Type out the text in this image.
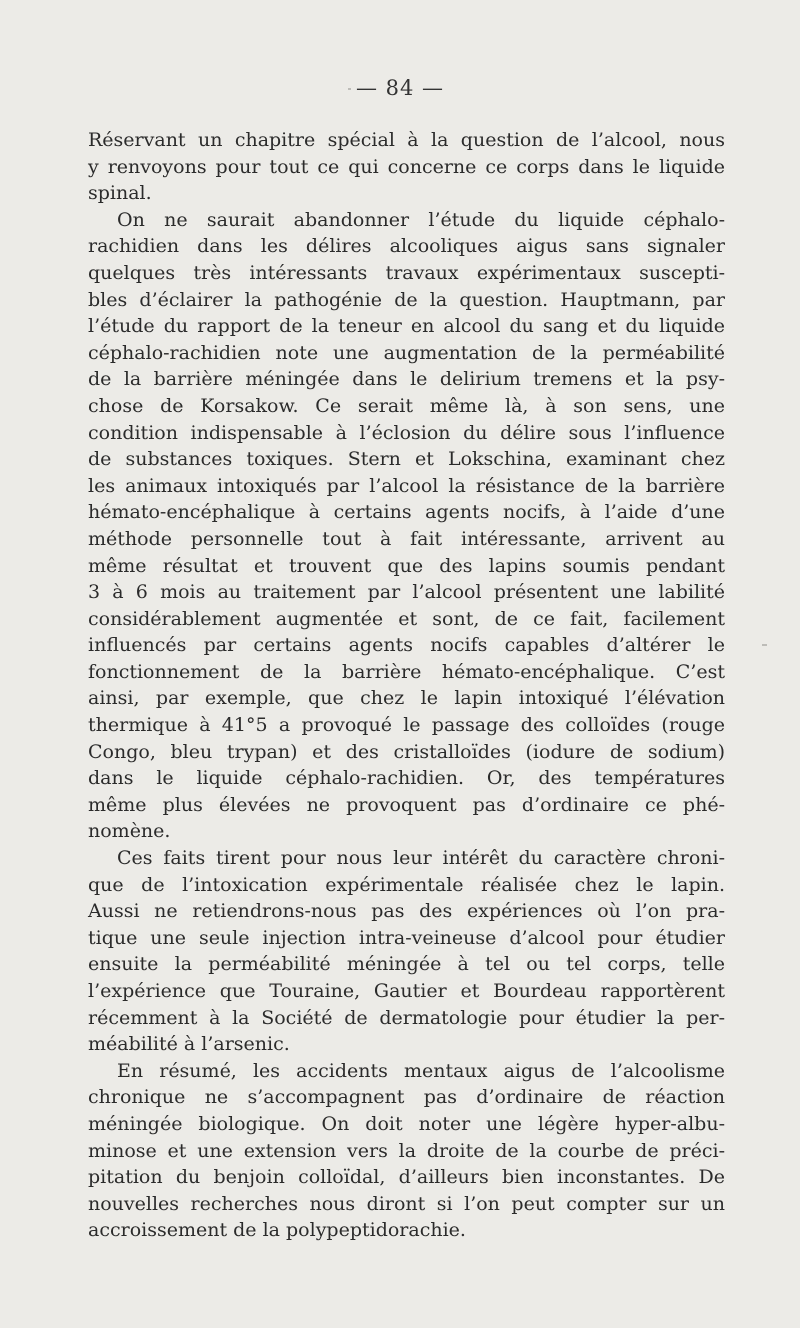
— 84 —
Réservant un chapitre spécial à la question de l’alcool, nous
y renvoyons pour tout ce qui concerne ce corps dans le liquide
spinal.
On ne saurait abandonner l’étude du liquide céphalo-
rachidien dans les délires alcooliques aigus sans signaler
quelques très intéressants travaux expérimentaux suscepti-
bles d’éclairer la pathogénie de la question. Hauptmann, par
l’étude du rapport de la teneur en alcool du sang et du liquide
céphalo-rachidien note une augmentation de la perméabilité
de la barrière méningée dans le delirium tremens et la psy-
chose de Korsakow. Ce serait même là, à son sens, une
condition indispensable à l’éclosion du délire sous l’influence
de substances toxiques. Stern et Lokschina, examinant chez
les animaux intoxiqués par l’alcool la résistance de la barrière
hémato-encéphalique à certains agents nocifs, à l’aide d’une
méthode personnelle tout à fait intéressante, arrivent au
même résultat et trouvent que des lapins soumis pendant
3 à 6 mois au traitement par l’alcool présentent une labilité
considérablement augmentée et sont, de ce fait, facilement
influencés par certains agents nocifs capables d’altérer le
fonctionnement de la barrière hémato-encéphalique. C’est
ainsi, par exemple, que chez le lapin intoxiqué l’élévation
thermique à 41°5 a provoqué le passage des colloïdes (rouge
Congo, bleu trypan) et des cristalloïdes (iodure de sodium)
dans le liquide céphalo-rachidien. Or, des températures
même plus élevées ne provoquent pas d’ordinaire ce phé-
nomène.
Ces faits tirent pour nous leur intérêt du caractère chroni-
que de l’intoxication expérimentale réalisée chez le lapin.
Aussi ne retiendrons-nous pas des expériences où l’on pra-
tique une seule injection intra-veineuse d’alcool pour étudier
ensuite la perméabilité méningée à tel ou tel corps, telle
l’expérience que Touraine, Gautier et Bourdeau rapportèrent
récemment à la Société de dermatologie pour étudier la per-
méabilité à l’arsenic.
En résumé, les accidents mentaux aigus de l’alcoolisme
chronique ne s’accompagnent pas d’ordinaire de réaction
méningée biologique. On doit noter une légère hyper-albu-
minose et une extension vers la droite de la courbe de préci-
pitation du benjoin colloïdal, d’ailleurs bien inconstantes. De
nouvelles recherches nous diront si l’on peut compter sur un
accroissement de la polypeptidorachie.
